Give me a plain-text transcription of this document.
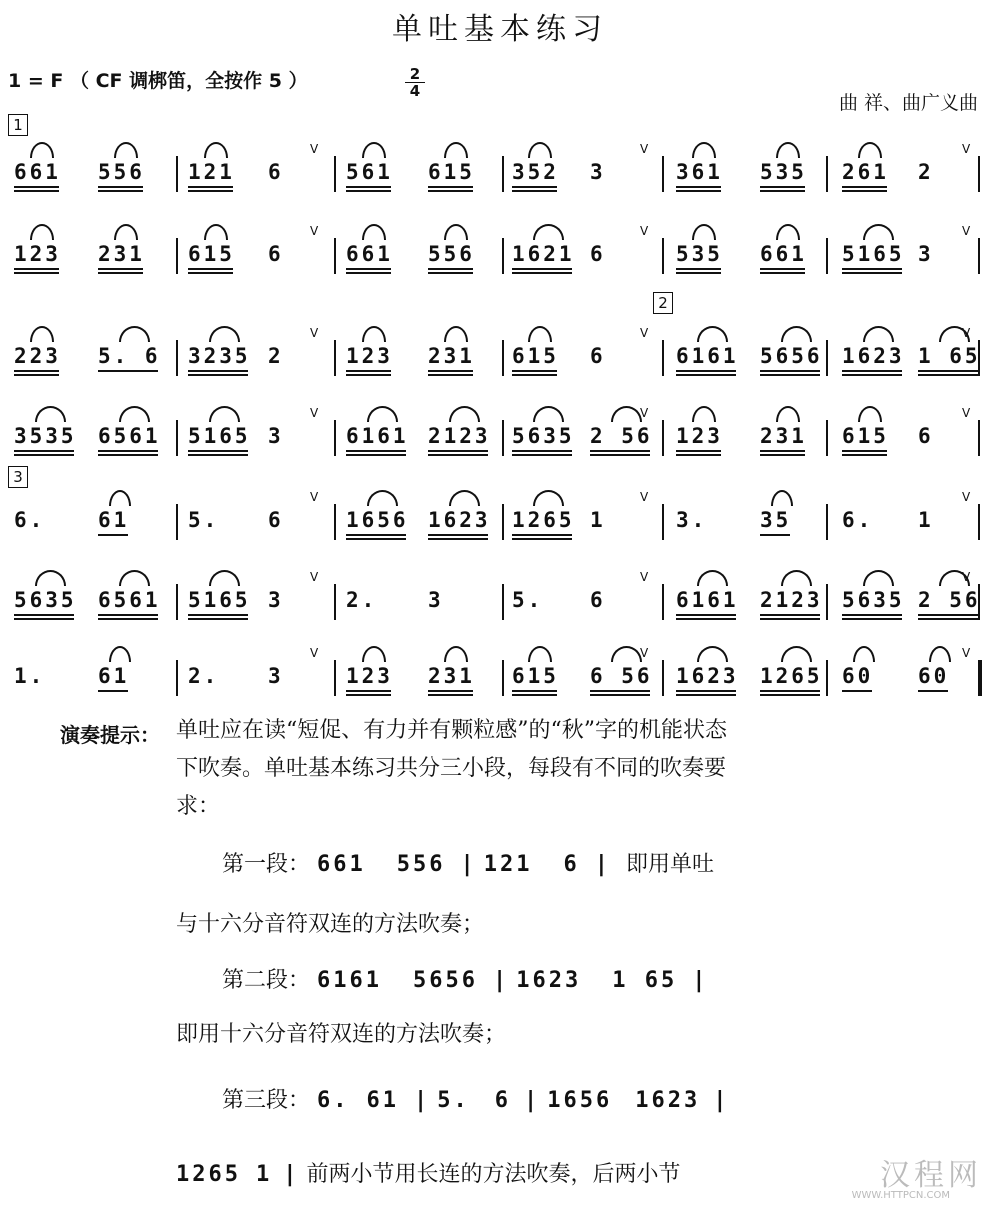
单吐基本练习
1 = F （ CF 调梆笛，全按作 5 ）	2
4
曲 祥、曲广义曲
1
2
3
661 556 121 6	561 615 352 3	361 535 261 2
V	V	V
123 231 615 6	661 556 1621 6	535 661 5165 3
V	V	V
223 5. 6 3235 2	123 231 615 6	6161 5656 1623 1 65
V	V	V
3535 6561 5165 3	6161 2123 5635 2 56 123 231 615 6
V	V	V
6.	61	5. 6	1656 1623 1265 1	3.	35 6. 1
V	V	V
5635 6561 5165 3	2. 3	5. 6	6161 2123 5635 2 56
V	V	V
1.	61	2. 3	123 231 615 6 56 1623 1265 60 60
V	V	V
演奏提示： 单吐应在读“短促、有力并有颗粒感”的“秋”字的机能状态下吹奏。单吐基本练习共分三小段，每段有不同的吹奏要求：
第一段： 661 556 | 121 6 | 即用单吐
与十六分音符双连的方法吹奏；
第二段： 6161 5656 | 1623 1 65 |
即用十六分音符双连的方法吹奏；
第三段： 6. 61 | 5. 6 | 1656 1623 |
1265 1 | 前两小节用长连的方法吹奏，后两小节	汉程网
WWW.HTTPCN.COM
